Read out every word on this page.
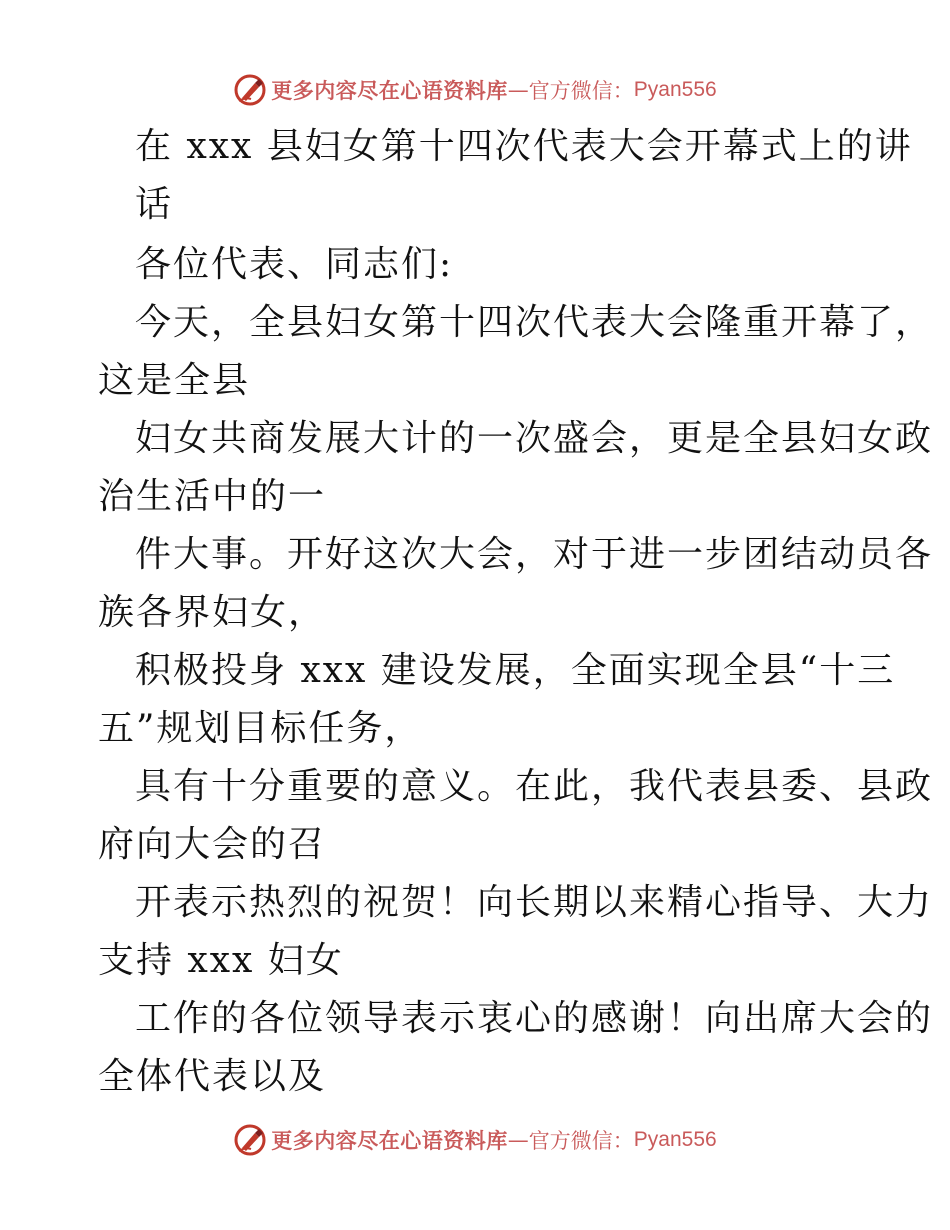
更多内容尽在心语资料库 — 官方微信： Pyan556
在 xxx 县妇女第十四次代表大会开幕式上的讲
话
各位代表、同志们:
今天，全县妇女第十四次代表大会隆重开幕了，
这是全县
妇女共商发展大计的一次盛会，更是全县妇女政
治生活中的一
件大事。开好这次大会，对于进一步团结动员各
族各界妇女，
积极投身 xxx 建设发展，全面实现全县“十三
五”规划目标任务，
具有十分重要的意义。在此，我代表县委、县政
府向大会的召
开表示热烈的祝贺！向长期以来精心指导、大力
支持 xxx 妇女
工作的各位领导表示衷心的感谢！向出席大会的
全体代表以及
更多内容尽在心语资料库 — 官方微信： Pyan556
